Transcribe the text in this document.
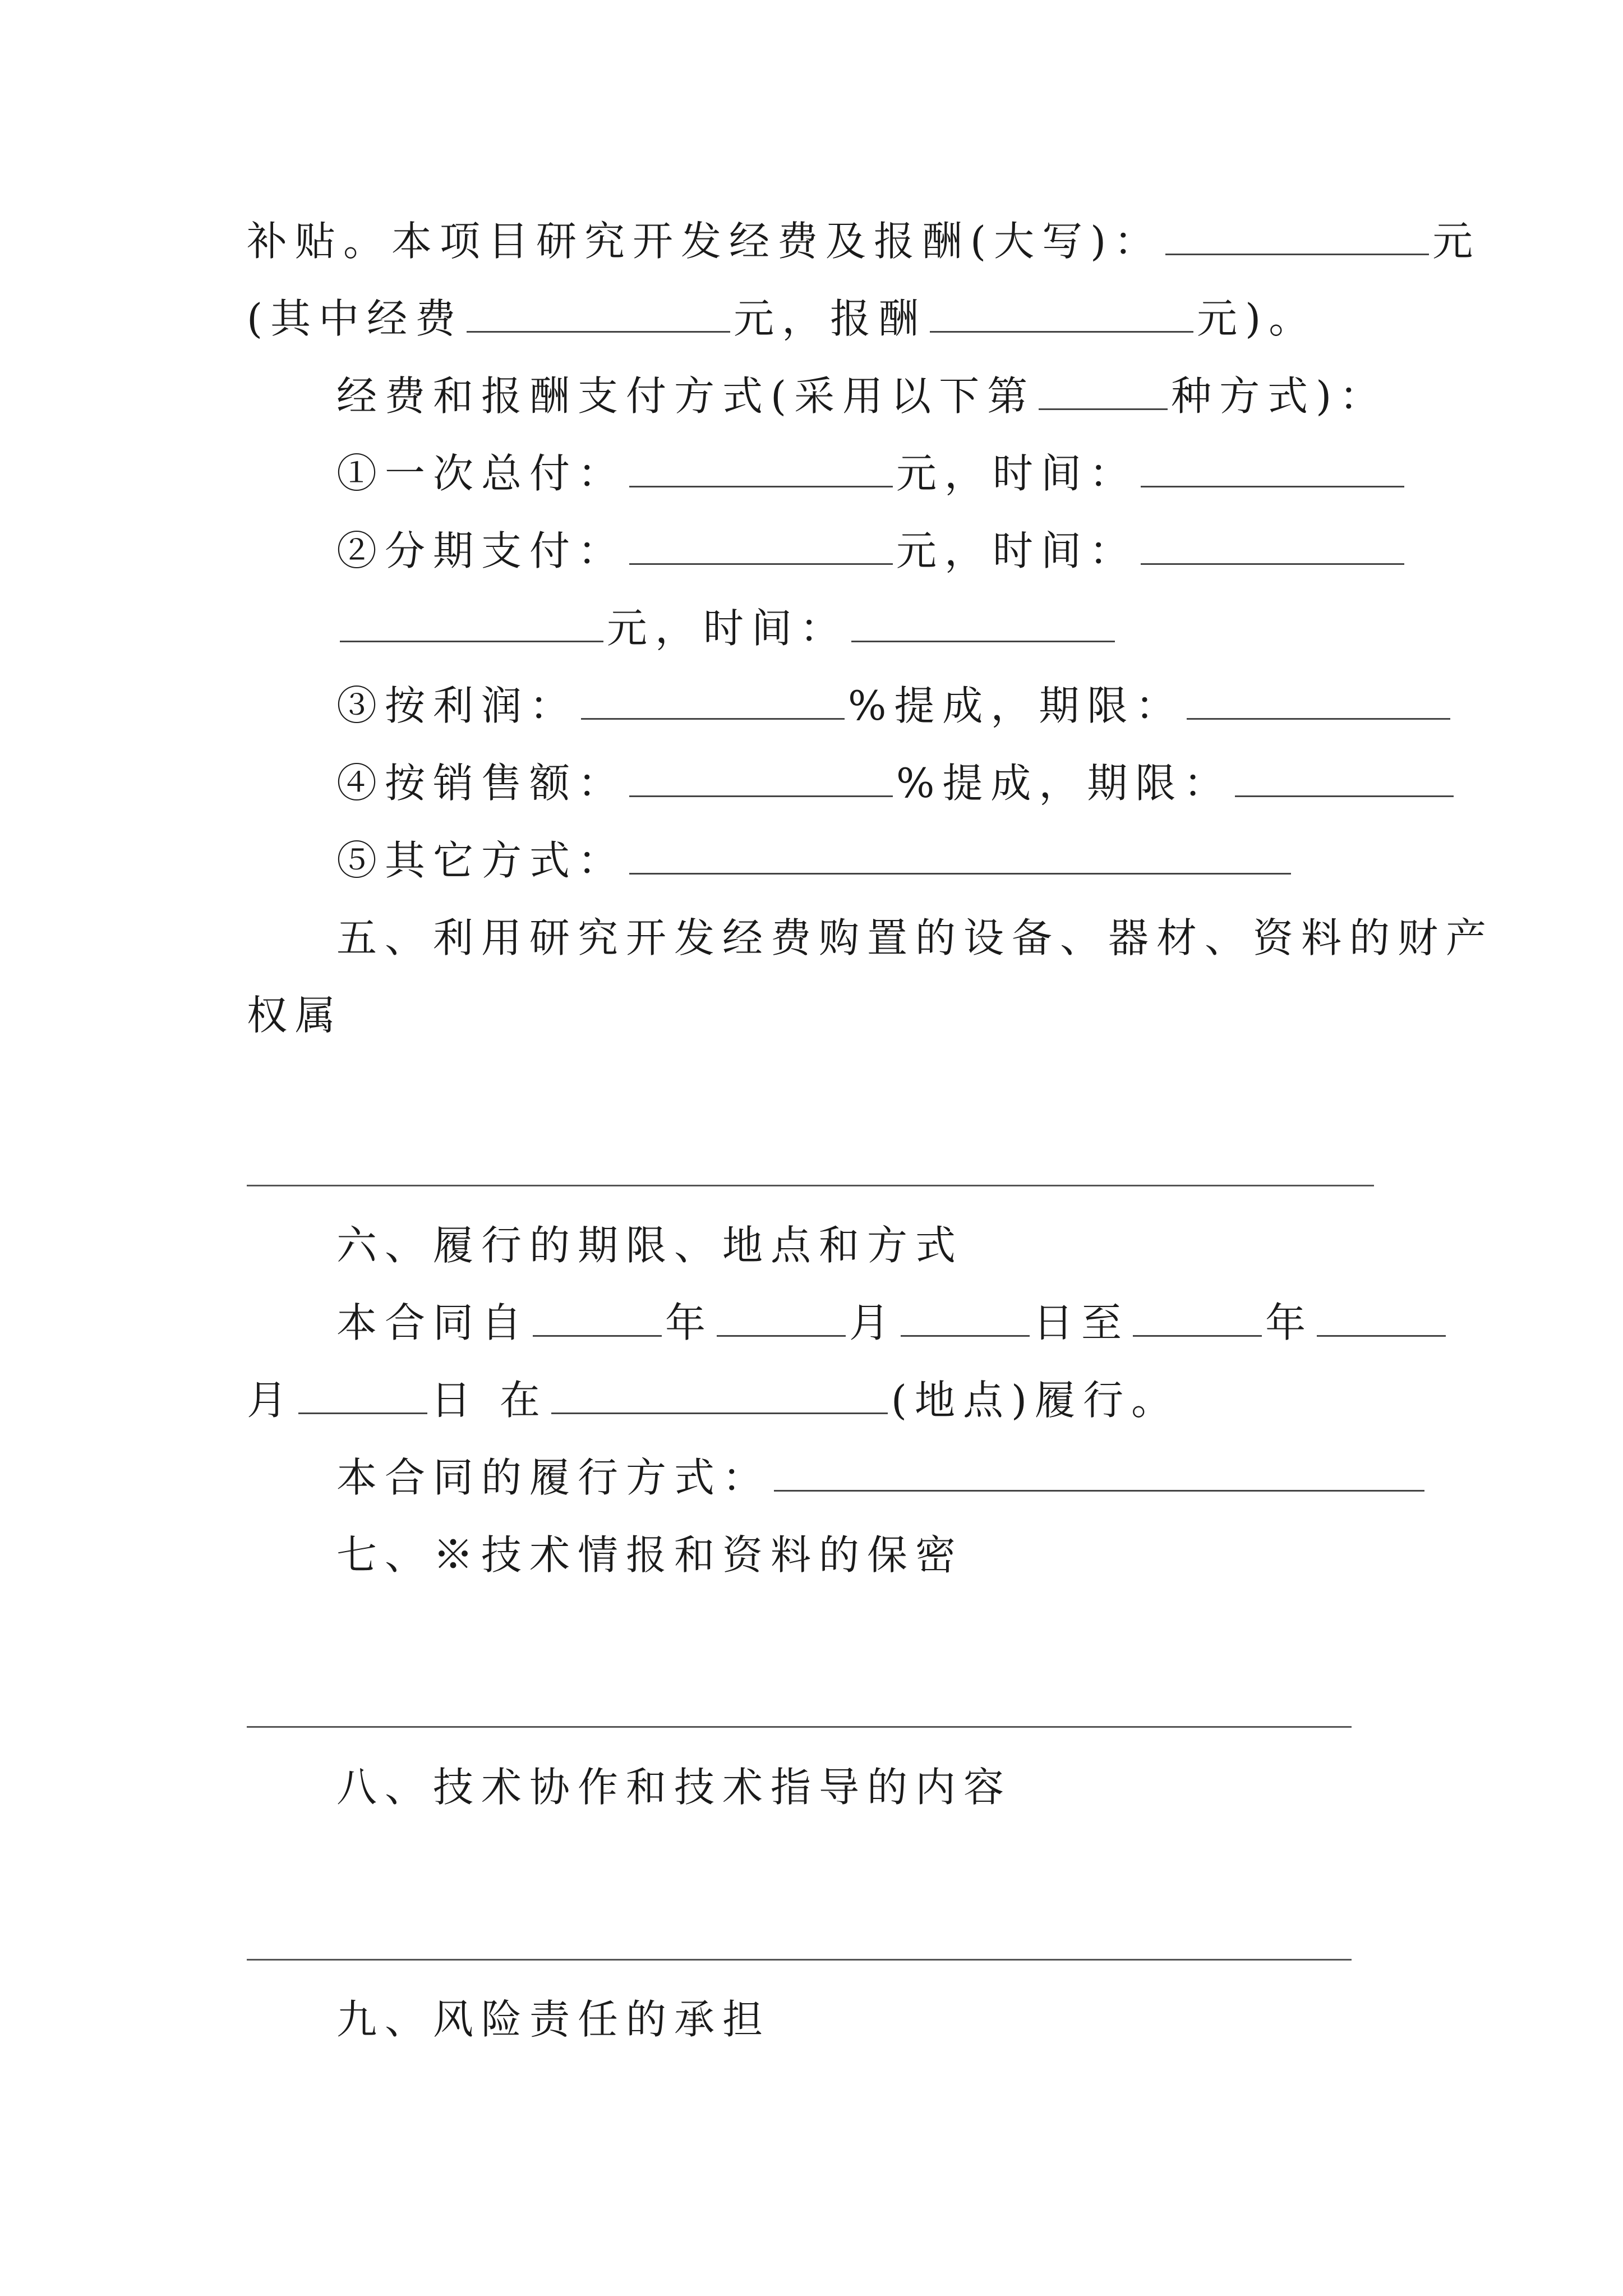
补贴。本项目研究开发经费及报酬(大写)：	元
(其中经费	元，报酬	元)。
经费和报酬支付方式(采用以下第	种方式)：
①一次总付：	元，时间：
②分期支付：	元，时间：
元，时间：
③按利润：	%提成，期限：
④按销售额：	%提成，期限：
⑤其它方式：
五、利用研究开发经费购置的设备、器材、资料的财产
权属
六、履行的期限、地点和方式
本合同自	年	月	日至	年
月	日 在	(地点)履行。
本合同的履行方式：
七、※技术情报和资料的保密
八、技术协作和技术指导的内容
九、风险责任的承担
